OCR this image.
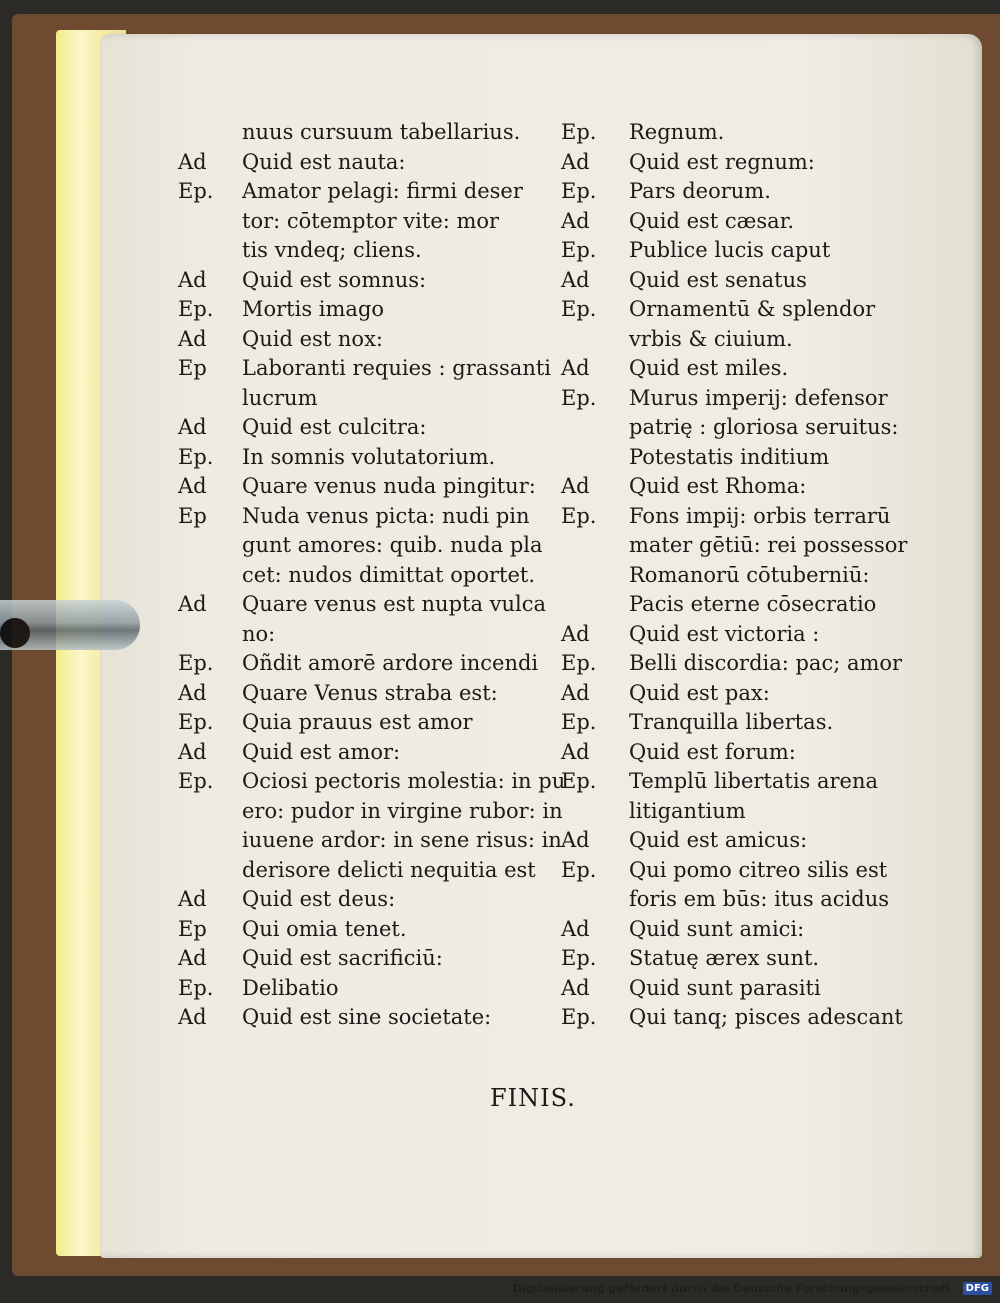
nuus cursuum tabellarius.
Ad	Quid est nauta:
Ep.	Amator pelagi: firmi deser
tor: cōtemptor vite: mor
tis vndeq; cliens.
Ad	Quid est somnus:
Ep.	Mortis imago
Ad	Quid est nox:
Ep	Laboranti requies : grassanti
lucrum
Ad	Quid est culcitra:
Ep.	In somnis volutatorium.
Ad	Quare venus nuda pingitur:
Ep	Nuda venus picta: nudi pin
gunt amores: quib. nuda pla
cet: nudos dimittat oportet.
Ad	Quare venus est nupta vulca
no:
Ep.	Oñdit amorē ardore incendi
Ad	Quare Venus straba est:
Ep.	Quia prauus est amor
Ad	Quid est amor:
Ep.	Ociosi pectoris molestia: in pu
ero: pudor in virgine rubor: in
iuuene ardor: in sene risus: in
derisore delicti nequitia est
Ad	Quid est deus:
Ep	Qui omia tenet.
Ad	Quid est sacrificiū:
Ep.	Delibatio
Ad	Quid est sine societate:
Ep.	Regnum.
Ad	Quid est regnum:
Ep.	Pars deorum.
Ad	Quid est cæsar.
Ep.	Publice lucis caput
Ad	Quid est senatus
Ep.	Ornamentū & splendor
vrbis & ciuium.
Ad	Quid est miles.
Ep.	Murus imperij: defensor
patrię : gloriosa seruitus:
Potestatis inditium
Ad	Quid est Rhoma:
Ep.	Fons impij: orbis terrarū
mater gētiū: rei possessor
Romanorū cōtuberniū:
Pacis eterne cōsecratio
Ad	Quid est victoria :
Ep.	Belli discordia: pac; amor
Ad	Quid est pax:
Ep.	Tranquilla libertas.
Ad	Quid est forum:
Ep.	Templū libertatis arena
litigantium
Ad	Quid est amicus:
Ep.	Qui pomo citreo silis est
foris em būs: itus acidus
Ad	Quid sunt amici:
Ep.	Statuę ærex sunt.
Ad	Quid sunt parasiti
Ep.	Qui tanq; pisces adescant
FINIS.
Digitalisierung gefördert durch die Deutsche Forschungsgemeinschaft · DFG
